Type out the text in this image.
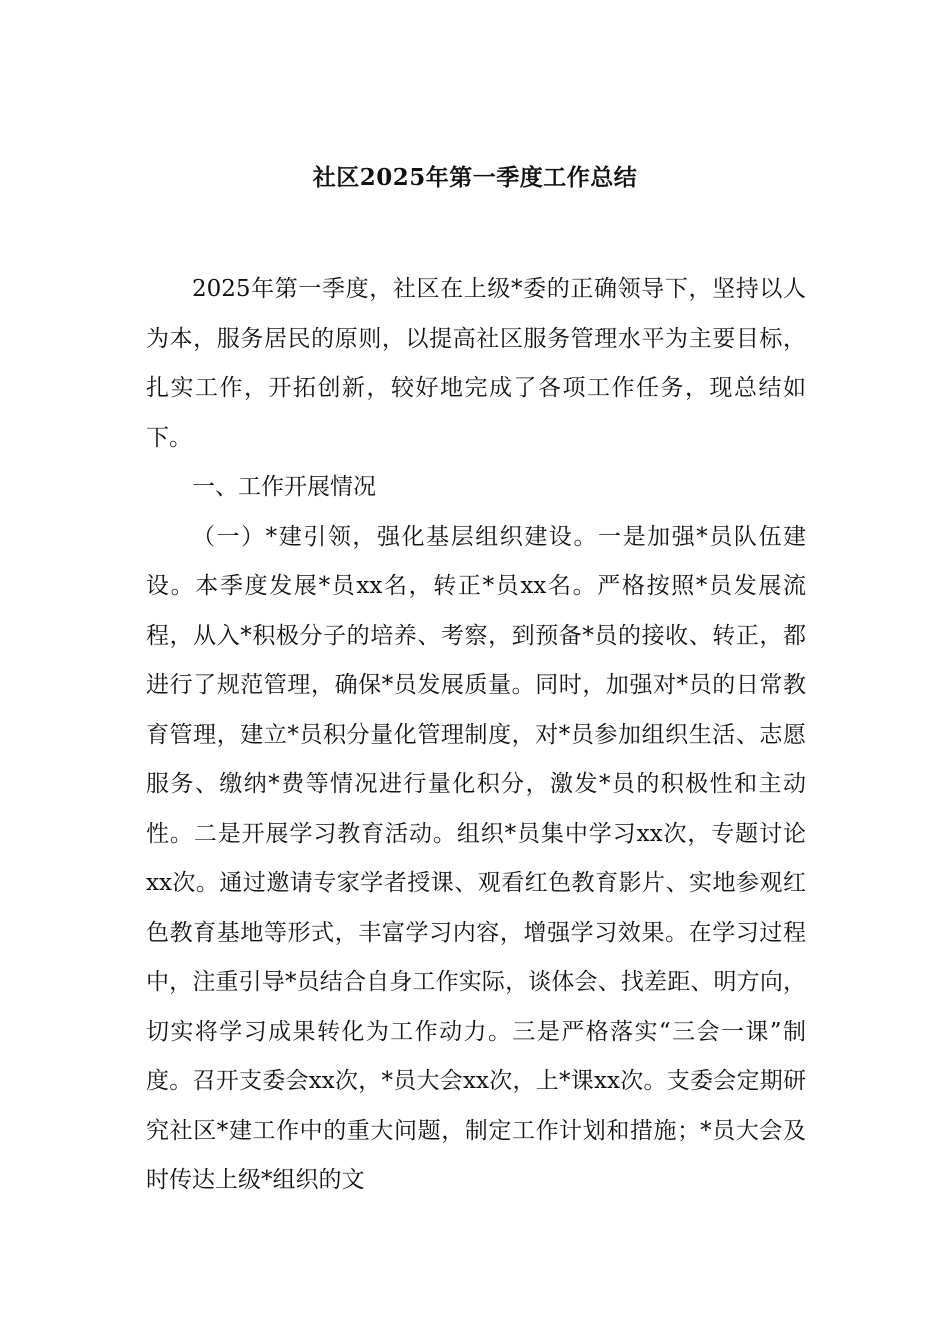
社区2025年第一季度工作总结

2025年第一季度，社区在上级*委的正确领导下，坚持以人为本，服务居民的原则，以提高社区服务管理水平为主要目标，扎实工作，开拓创新，较好地完成了各项工作任务，现总结如下。

一、工作开展情况

（一）*建引领，强化基层组织建设。一是加强*员队伍建设。本季度发展*员xx名，转正*员xx名。严格按照*员发展流程，从入*积极分子的培养、考察，到预备*员的接收、转正，都进行了规范管理，确保*员发展质量。同时，加强对*员的日常教育管理，建立*员积分量化管理制度，对*员参加组织生活、志愿服务、缴纳*费等情况进行量化积分，激发*员的积极性和主动性。二是开展学习教育活动。组织*员集中学习xx次，专题讨论xx次。通过邀请专家学者授课、观看红色教育影片、实地参观红色教育基地等形式，丰富学习内容，增强学习效果。在学习过程中，注重引导*员结合自身工作实际，谈体会、找差距、明方向，切实将学习成果转化为工作动力。三是严格落实“三会一课”制度。召开支委会xx次，*员大会xx次，上*课xx次。支委会定期研究社区*建工作中的重大问题，制定工作计划和措施；*员大会及时传达上级*组织的文
